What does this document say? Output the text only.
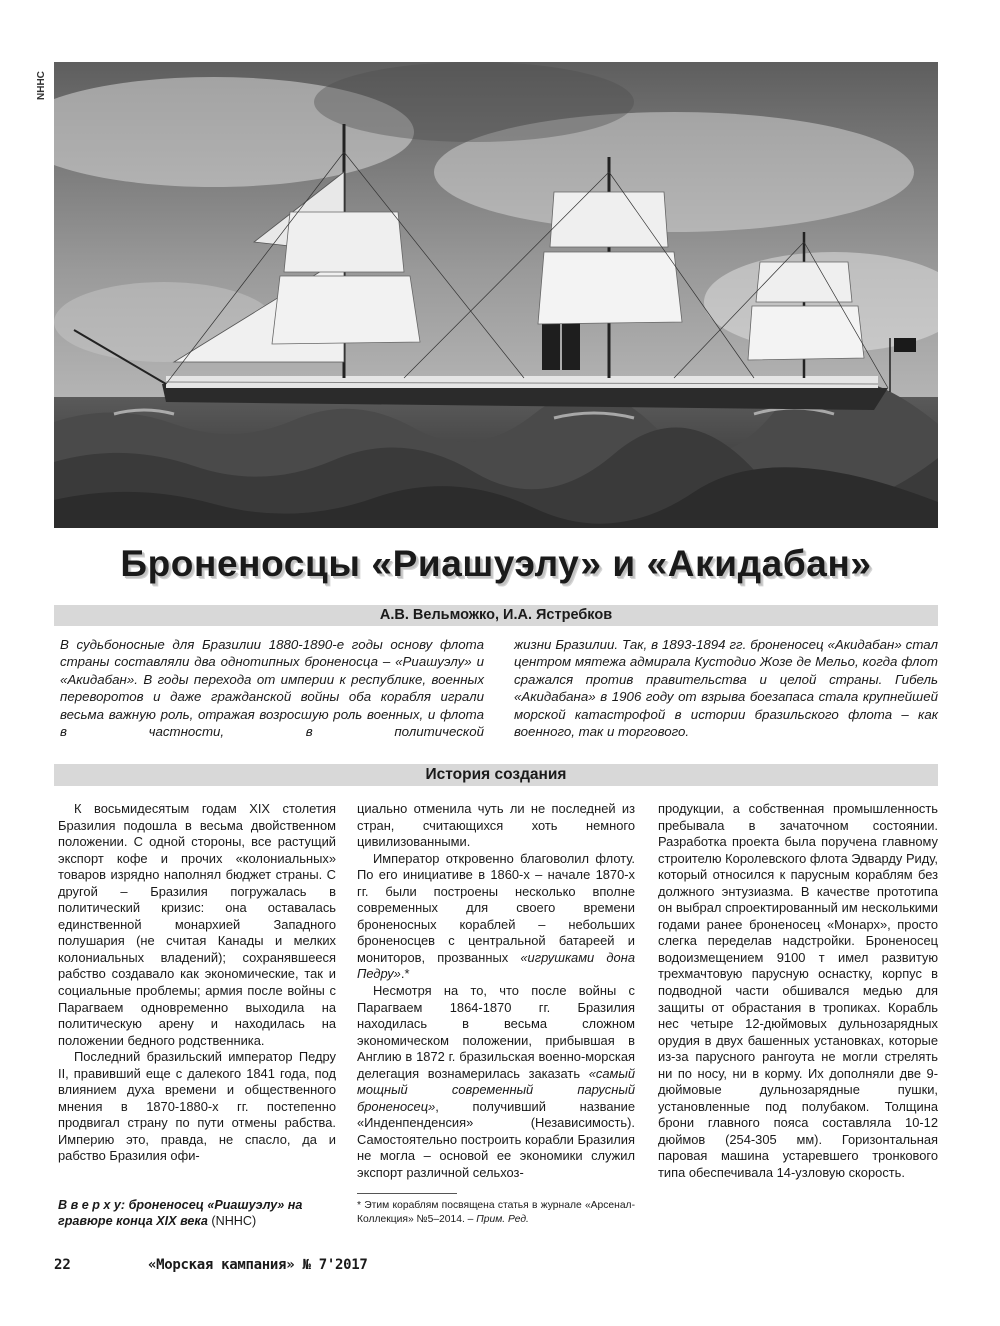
NHHC
Броненосцы «Риашуэлу» и «Акидабан»
А.В. Вельможко, И.А. Ястребков

В судьбоносные для Бразилии 1880-1890-е годы основу флота страны составляли два однотипных броненосца – «Риашуэлу» и «Акидабан». В годы перехода от империи к республике, военных переворотов и даже гражданской войны оба корабля играли весьма важную роль, отражая возросшую роль военных, и флота в частности, в политической

жизни Бразилии. Так, в 1893-1894 гг. броненосец «Акидабан» стал центром мятежа адмирала Кустодио Жозе де Мельо, когда флот сражался против правительства и целой страны. Гибель «Акидабана» в 1906 году от взрыва боезапаса стала крупнейшей морской катастрофой в истории бразильского флота – как военного, так и торгового.

История создания

К восьмидесятым годам XIX столетия Бразилия подошла в весьма двойственном положении. С одной стороны, все растущий экспорт кофе и прочих «колониальных» товаров изрядно наполнял бюджет страны. С другой – Бразилия погружалась в политический кризис: она оставалась единственной монархией Западного полушария (не считая Канады и мелких колониальных владений); сохранявшееся рабство создавало как экономические, так и социальные проблемы; армия после войны с Парагваем одновременно выходила на политическую арену и находилась на положении бедного родственника.

Последний бразильский император Педру II, правивший еще с далекого 1841 года, под влиянием духа времени и общественного мнения в 1870-1880-х гг. постепенно продвигал страну по пути отмены рабства. Империю это, правда, не спасло, да и рабство Бразилия офи-

циально отменила чуть ли не последней из стран, считающихся хоть немного цивилизованными.

Император откровенно благоволил флоту. По его инициативе в 1860-х – начале 1870-х гг. были построены несколько вполне современных для своего времени броненосных кораблей – небольших броненосцев с центральной батареей и мониторов, прозванных «игрушками дона Педру».*

Несмотря на то, что после войны с Парагваем 1864-1870 гг. Бразилия находилась в весьма сложном экономическом положении, прибывшая в Англию в 1872 г. бразильская военно-морская делегация вознамерилась заказать «самый мощный современный парусный броненосец», получивший название «Инденпенденсия» (Независимость). Самостоятельно построить корабли Бразилия не могла – основой ее экономики служил экспорт различной сельхоз-

продукции, а собственная промышленность пребывала в зачаточном состоянии. Разработка проекта была поручена главному строителю Королевского флота Эдварду Риду, который относился к парусным кораблям без должного энтузиазма. В качестве прототипа он выбрал спроектированный им несколькими годами ранее броненосец «Монарх», просто слегка переделав надстройки. Броненосец водоизмещением 9100 т имел развитую трехмачтовую парусную оснастку, корпус в подводной части обшивался медью для защиты от обрастания в тропиках. Корабль нес четыре 12-дюймовых дульнозарядных орудия в двух башенных установках, которые из-за парусного рангоута не могли стрелять ни по носу, ни в корму. Их дополняли две 9-дюймовые дульнозарядные пушки, установленные под полубаком. Толщина брони главного пояса составляла 10-12 дюймов (254-305 мм). Горизонтальная паровая машина устаревшего тронкового типа обеспечивала 14-узловую скорость.

В в е р х у: броненосец «Риашуэлу» на гравюре конца XIX века (NHHC)
* Этим кораблям посвящена статья в журнале «Арсенал-Коллекция» №5–2014. – Прим. Ред.
22	«Морская кампания» № 7'2017
